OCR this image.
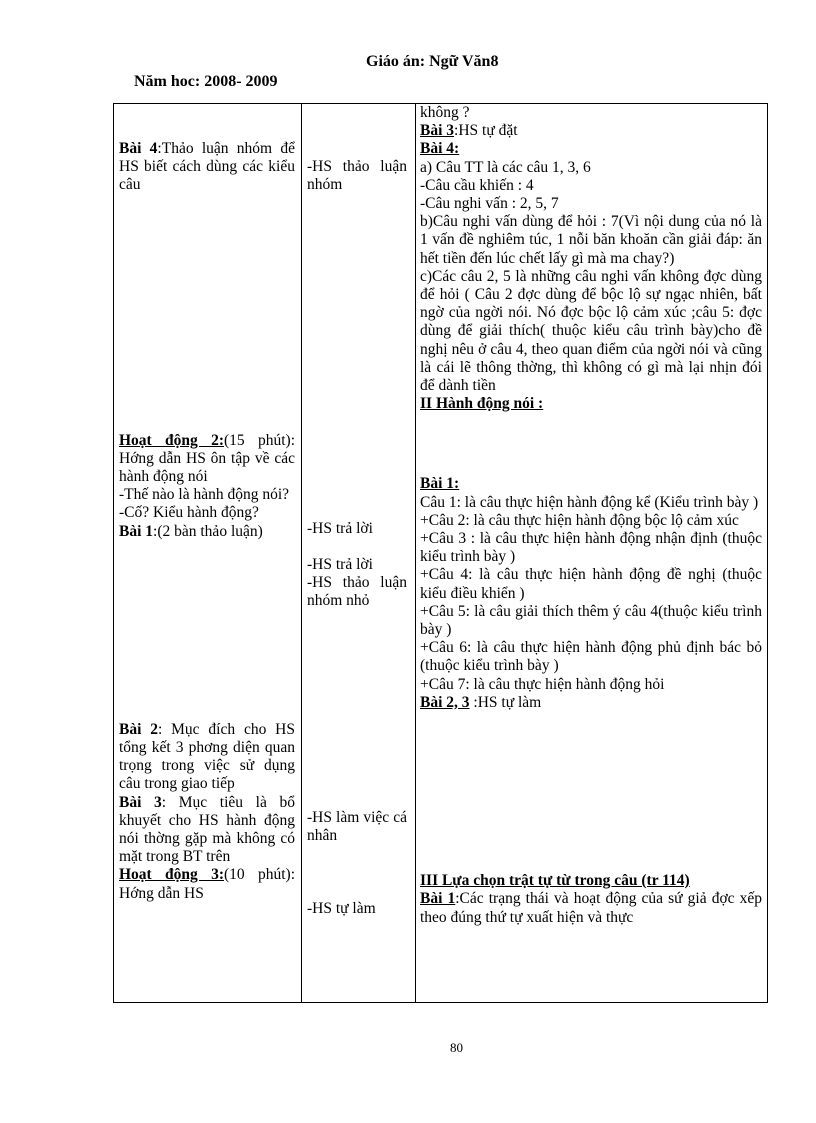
Giáo án: Ngữ Văn8
Năm hoc: 2008- 2009

Bài 4:Thảo luận nhóm để HS biết cách dùng các kiểu câu

Hoạt động 2:(15 phút): Hớng dẫn HS ôn tập về các hành động nói

-Thế nào là hành động nói?

-Cố? Kiểu hành động?

Bài 1:(2 bàn thảo luận)

Bài 2: Mục đích cho HS tổng kết 3 phơng diện quan trọng trong việc sử dụng câu trong giao tiếp

Bài 3: Mục tiêu là bổ khuyết cho HS hành động nói thờng gặp mà không có mặt trong BT trên

Hoạt động 3:(10 phút): Hớng dẫn HS

-HS thảo luận nhóm

-HS trả lời

-HS trả lời

-HS thảo luận nhóm nhỏ

-HS làm việc cá nhân

-HS tự làm

không ?

Bài 3:HS tự đặt

Bài 4:

a) Câu TT là các câu 1, 3, 6

-Câu cầu khiến : 4

-Câu nghi vấn : 2, 5, 7

b)Câu nghi vấn dùng để hỏi : 7(Vì nội dung của nó là 1 vấn đề nghiêm túc, 1 nỗi băn khoăn cần giải đáp: ăn hết tiền đến lúc chết lấy gì mà ma chay?)

c)Các câu 2, 5 là những câu nghi vấn không đợc dùng để hỏi ( Câu 2 đợc dùng để bộc lộ sự ngạc nhiên, bất ngờ của ngời nói. Nó đợc bộc lộ cảm xúc ;câu 5: đợc dùng để giải thích( thuộc kiểu câu trình bày)cho đề nghị nêu ở câu 4, theo quan điểm của ngời nói và cũng là cái lẽ thông thờng, thì không có gì mà lại nhịn đói để dành tiền

II Hành động nói :

Bài 1:

Câu 1: là câu thực hiện hành động kể (Kiểu trình bày )

+Câu 2: là câu thực hiện hành động bộc lộ cảm xúc

+Câu 3 : là câu thực hiện hành động nhận định (thuộc kiểu trình bày )

+Câu 4: là câu thực hiện hành động đề nghị (thuộc kiểu điều khiển )

+Câu 5: là câu giải thích thêm ý câu 4(thuộc kiểu trình bày )

+Câu 6: là câu thực hiện hành động phủ định bác bỏ (thuộc kiểu trình bày )

+Câu 7: là câu thực hiện hành động hỏi

Bài 2, 3 :HS tự làm

III Lựa chọn trật tự từ trong câu (tr 114)

Bài 1:Các trạng thái và hoạt động của sứ giả đợc xếp theo đúng thứ tự xuất hiện và thực

80
